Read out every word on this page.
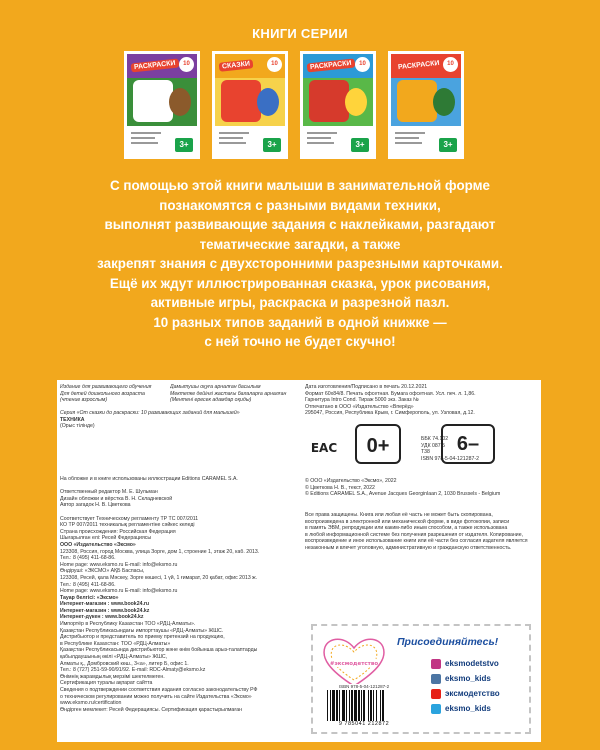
КНИГИ СЕРИИ
РАСКРАСКИ	10
3+
СКАЗКИ	10
3+
РАСКРАСКИ	10
3+
РАСКРАСКИ	10
3+
С помощью этой книги малыши в занимательной форме
познакомятся с разными видами техники,
выполнят развивающие задания с наклейками, разгадают
тематические загадки, а также
закрепят знания с двухсторонними разрезными карточками.
Ещё их ждут иллюстрированная сказка, урок рисования,
активные игры, раскраска и разрезной пазл.
10 разных типов заданий в одной книжке —
с ней точно не будет скучно!
Издание для развивающего обучения
Для детей дошкольного возраста
(чтение взрослым)
Дамытушы оқуға арналған басылым
Мектепке дейінгі жастағы балаларға арналған
(Ментені ересек адамдар оқиды)
Серия «От сказки до раскраски: 10 развивающих заданий для малышей»
ТЕХНИКА
(Орыс тілінде)
На обложке и в книге использованы иллюстрации Editions CARAMEL S.A.

Ответственный редактор М. Е. Шульман
Дизайн обложки и вёрстка В. Н. Складневской
Автор загадок Н. В. Цветкова

Соответствует Техническому регламенту ТР ТС 007/2011
КО ТР 007/2011 техникалық регламентіне сәйкес келеді
Страна происхождения: Российская Федерация
Шығарылған елі: Ресей Федерациясы
ООО «Издательство «Эксмо»
123308, Россия, город Москва, улица Зорге, дом 1, строение 1, этаж 20, каб. 2013.
Тел.: 8 (495) 411-68-86.
Home page: www.eksmo.ru E-mail: info@eksmo.ru
Өндіруші: «ЭКСМО» АҚБ Баспасы,
123308, Ресей, қала Мәскеу, Зорге көшесі, 1 үй, 1 ғимарат, 20 қабат, офис 2013 ж.
Тел.: 8 (495) 411-68-86.
Home page: www.eksmo.ru E-mail: info@eksmo.ru
Тауар белгісі: «Эксмо»
Интернет-магазин : www.book24.ru
Интернет-магазин : www.book24.kz
Интернет-дүкен : www.book24.kz
Импортёр в Республику Казахстан ТОО «РДЦ-Алматы».
Қазақстан Республикасындағы импорттаушы «РДЦ-Алматы» ЖШС.
Дистрибьютор и представитель по приему претензий на продукцию,
в Республике Казахстан: ТОО «РДЦ-Алматы»
Қазақстан Республикасында дистрибьютор және өнім бойынша арыз-талаптарды
қабылдаушының өкілі «РДЦ-Алматы» ЖШС,
Алматы қ., Домбровский көш., 3«а», литер Б, офис 1.
Тел.: 8 (727) 251-59-90/91/92. E-mail: RDC-Almaty@eksmo.kz
Өнімнің жарамдылық мерзімі шектелмеген.
Сертификация туралы ақпарат сайтта
Сведения о подтверждении соответствия издания согласно законодательству РФ
о техническом регулировании можно получить на сайте Издательства «Эксмо»
www.eksmo.ru/certification
Өндірген мемлекет: Ресей Федерациясы. Сертификация қарастырылмаған
Дата изготовления/Подписано в печать 20.12.2021
Формат 60x84/8. Печать офсетная. Бумага офсетная. Усл. печ. л. 1,86.
Гарнитура Intro Cond. Тираж 5000 экз. Заказ №
Отпечатано в ООО «Издательство «Вперёд»
295047, Россия, Республика Крым, г. Симферополь, ул. Узловая, д.12.
EAC	0+	ББК 74.102
УДК 087.5
T38
ISBN 978-5-04-121287-2
6–
© ООО «Издательство «Эксмо», 2022
© Цветкова Н. В., текст, 2022
© Editions CARAMEL S.A., Avenue Jacques Georginlaan 2, 1030 Brussels - Belgium
Все права защищены. Книга или любая её часть не может быть скопирована,
воспроизведена в электронной или механической форме, в виде фотокопии, записи
в память ЭВМ, репродукции или каким-либо иным способом, а также использована
в любой информационной системе без получения разрешения от издателя. Копирование,
воспроизведение и иное использование книги или её части без согласия издателя является
незаконным и влечет уголовную, административную и гражданскую ответственность.
#эксмодетство
Присоединяйтесь!
eksmodetstvo
eksmo_kids
эксмодетство
eksmo_kids
ISBN 978-5-04-121287-2
9 785041 212872
